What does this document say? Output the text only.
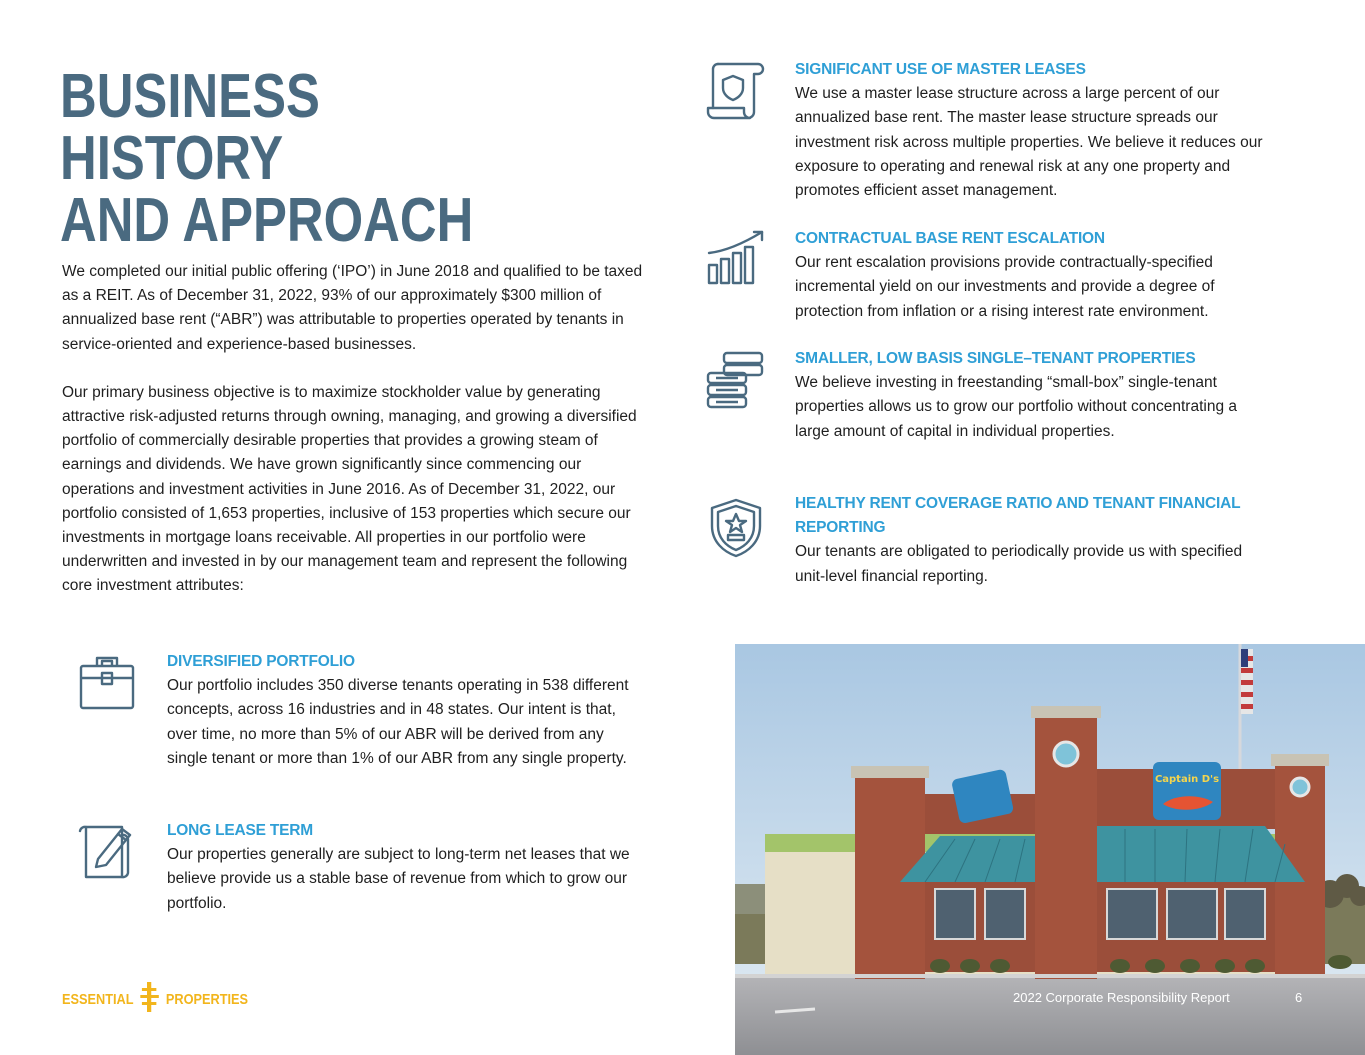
BUSINESS HISTORY
AND APPROACH

We completed our initial public offering (‘IPO’) in June 2018 and qualified to be taxed as a REIT. As of December 31, 2022, 93% of our approximately $300 million of annualized base rent (“ABR”) was attributable to properties operated by tenants in service-oriented and experience-based businesses.

Our primary business objective is to maximize stockholder value by generating attractive risk-adjusted returns through owning, managing, and growing a diversified portfolio of commercially desirable properties that provides a growing steam of earnings and dividends. We have grown significantly since commencing our operations and investment activities in June 2016. As of December 31, 2022, our portfolio consisted of 1,653 properties, inclusive of 153 properties which secure our investments in mortgage loans receivable. All properties in our portfolio were underwritten and invested in by our management team and represent the following core investment attributes:

DIVERSIFIED PORTFOLIO

Our portfolio includes 350 diverse tenants operating in 538 different concepts, across 16 industries and in 48 states. Our intent is that, over time, no more than 5% of our ABR will be derived from any single tenant or more than 1% of our ABR from any single property.

LONG LEASE TERM

Our properties generally are subject to long-term net leases that we believe provide us a stable base of revenue from which to grow our portfolio.

SIGNIFICANT USE OF MASTER LEASES

We use a master lease structure across a large percent of our annualized base rent. The master lease structure spreads our investment risk across multiple properties. We believe it reduces our exposure to operating and renewal risk at any one property and promotes efficient asset management.

CONTRACTUAL BASE RENT ESCALATION

Our rent escalation provisions provide contractually-specified incremental yield on our investments and provide a degree of protection from inflation or a rising interest rate environment.

SMALLER, LOW BASIS SINGLE–TENANT PROPERTIES

We believe investing in freestanding “small-box” single-tenant properties allows us to grow our portfolio without concentrating a large amount of capital in individual properties.

HEALTHY RENT COVERAGE RATIO AND TENANT FINANCIAL REPORTING

Our tenants are obligated to periodically provide us with specified unit-level financial reporting.

Captain D's
ESSENTIAL PROPERTIES	2022 Corporate Responsibility Report	6
